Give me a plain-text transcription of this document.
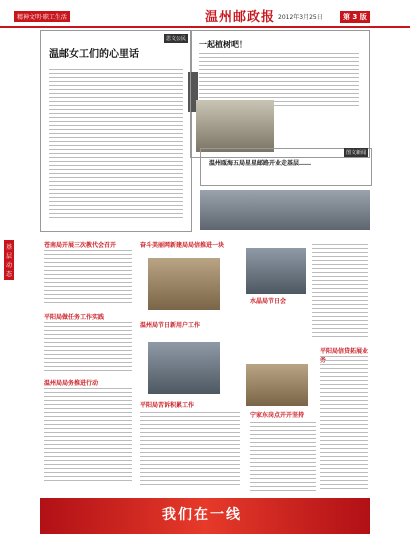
精神文明·职工生活	温州邮政报 2012年3月25日	第 3 版
思文公民
温邮女工们的心里话
一起植树吧！
图文新闻
温州瓯海五局星星邮路开业走基层……
基层动态
苍南局开展三次教代会召开
平阳局做任务工作实践
温州局局务推进行动
奋斗美丽网新建局局信推进一块
水晶局节日会
温州局节日新用户工作
平阳局苦诉积累工作
宁家东岗点开开坚持
平阳局信贷拓展业
我们在一线
